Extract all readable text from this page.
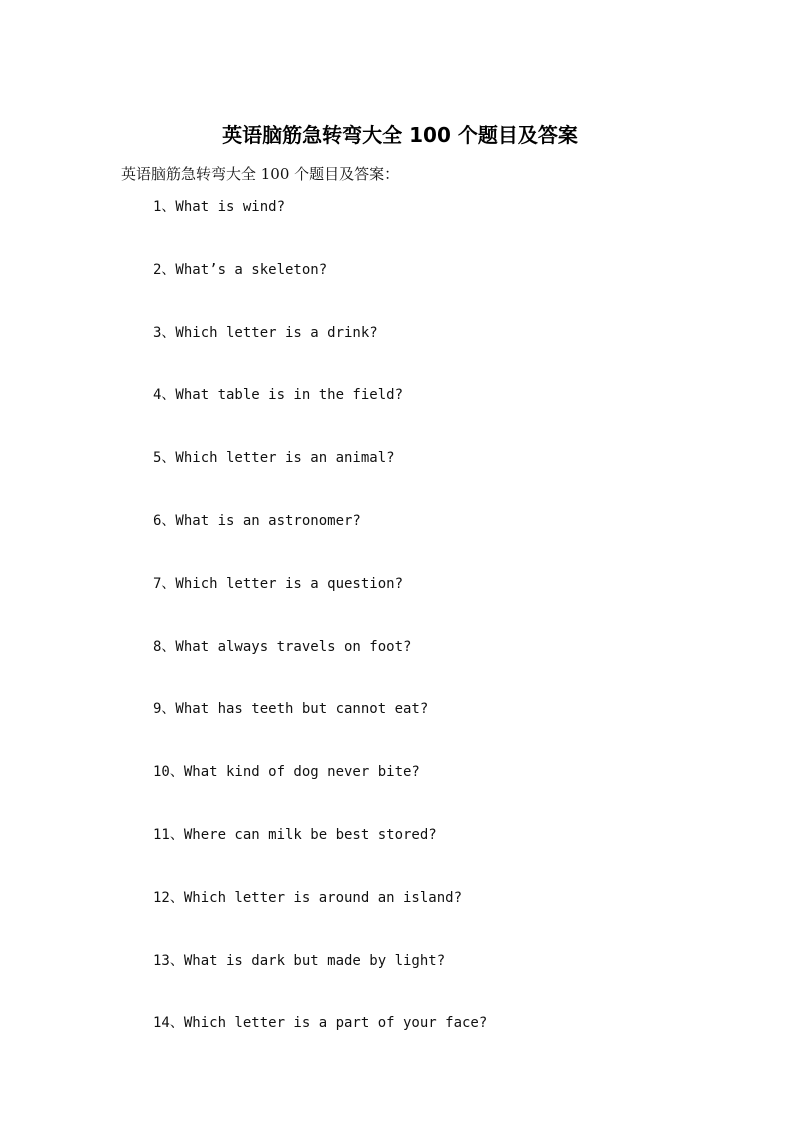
英语脑筋急转弯大全 100 个题目及答案
英语脑筋急转弯大全 100 个题目及答案：
1、What is wind?
2、What’s a skeleton?
3、Which letter is a drink?
4、What table is in the field?
5、Which letter is an animal?
6、What is an astronomer?
7、Which letter is a question?
8、What always travels on foot?
9、What has teeth but cannot eat?
10、What kind of dog never bite?
11、Where can milk be best stored?
12、Which letter is around an island?
13、What is dark but made by light?
14、Which letter is a part of your face?
